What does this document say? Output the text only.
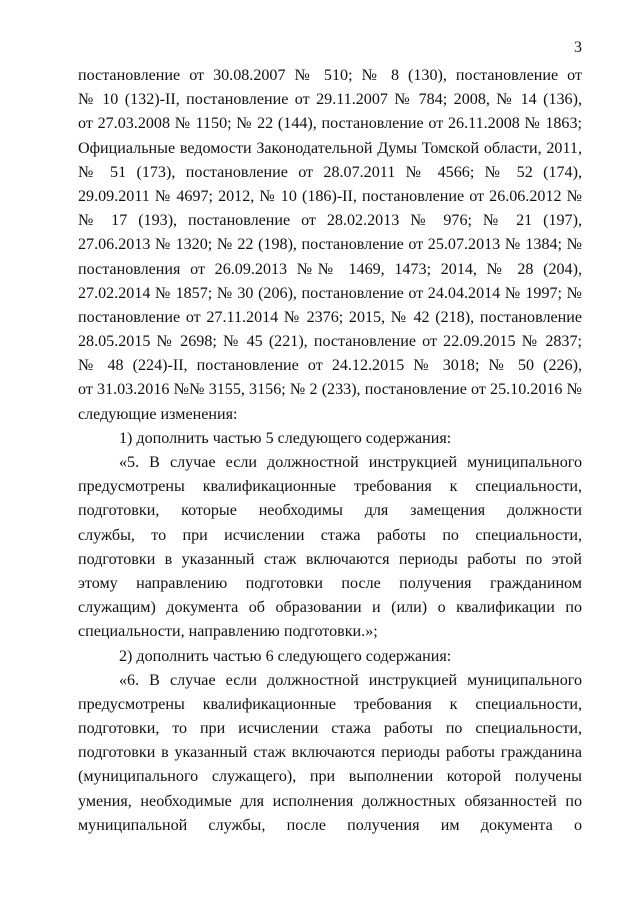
3
постановление от 30.08.2007 № 510; № 8 (130), постановление от
№ 10 (132)-II, постановление от 29.11.2007 № 784; 2008, № 14 (136),
от 27.03.2008 № 1150; № 22 (144), постановление от 26.11.2008 № 1863;
Официальные ведомости Законодательной Думы Томской области, 2011,
№ 51 (173), постановление от 28.07.2011 № 4566; № 52 (174),
29.09.2011 № 4697; 2012, № 10 (186)-II, постановление от 26.06.2012 №
№ 17 (193), постановление от 28.02.2013 № 976; № 21 (197),
27.06.2013 № 1320; № 22 (198), постановление от 25.07.2013 № 1384; №
постановления от 26.09.2013 №№ 1469, 1473; 2014, № 28 (204),
27.02.2014 № 1857; № 30 (206), постановление от 24.04.2014 № 1997; №
постановление от 27.11.2014 № 2376; 2015, № 42 (218), постановление
28.05.2015 № 2698; № 45 (221), постановление от 22.09.2015 № 2837;
№ 48 (224)-II, постановление от 24.12.2015 № 3018; № 50 (226),
от 31.03.2016 №№ 3155, 3156; № 2 (233), постановление от 25.10.2016 №
следующие изменения:
1) дополнить частью 5 следующего содержания:
«5. В случае если должностной инструкцией муниципального
предусмотрены квалификационные требования к специальности,
подготовки, которые необходимы для замещения должности
службы, то при исчислении стажа работы по специальности,
подготовки в указанный стаж включаются периоды работы по этой
этому направлению подготовки после получения гражданином
служащим) документа об образовании и (или) о квалификации по
специальности, направлению подготовки.»;
2) дополнить частью 6 следующего содержания:
«6. В случае если должностной инструкцией муниципального
предусмотрены квалификационные требования к специальности,
подготовки, то при исчислении стажа работы по специальности,
подготовки в указанный стаж включаются периоды работы гражданина
(муниципального служащего), при выполнении которой получены
умения, необходимые для исполнения должностных обязанностей по
муниципальной службы, после получения им документа о
